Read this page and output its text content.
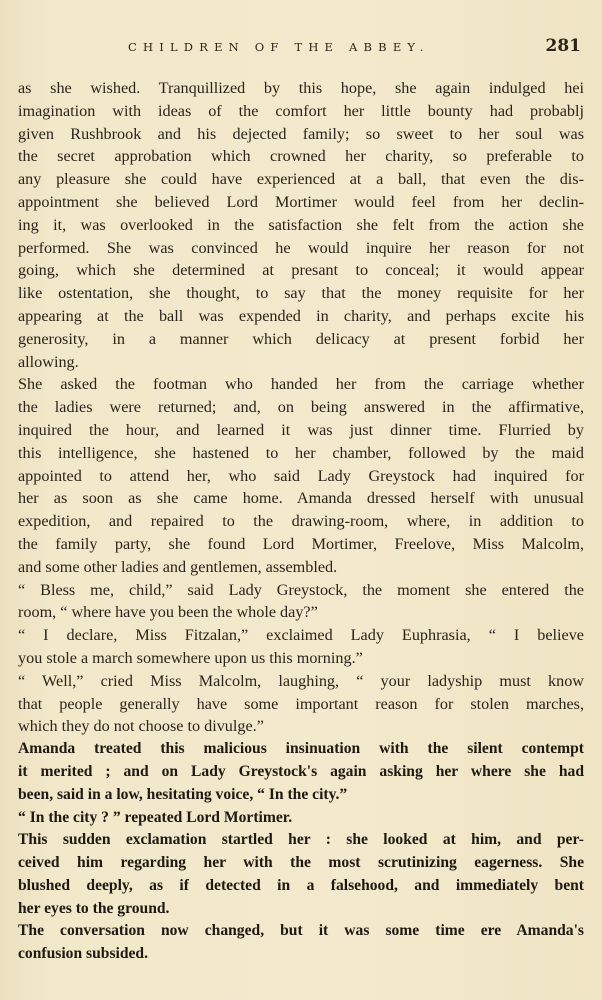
CHILDREN OF THE ABBEY.	281
as she wished. Tranquillized by this hope, she again indulged hei
imagination with ideas of the comfort her little bounty had probablj
given Rushbrook and his dejected family; so sweet to her soul was
the secret approbation which crowned her charity, so preferable to
any pleasure she could have experienced at a ball, that even the dis-
appointment she believed Lord Mortimer would feel from her declin-
ing it, was overlooked in the satisfaction she felt from the action she
performed. She was convinced he would inquire her reason for not
going, which she determined at presant to conceal; it would appear
like ostentation, she thought, to say that the money requisite for her
appearing at the ball was expended in charity, and perhaps excite his
generosity, in a manner which delicacy at present forbid her
allowing.
She asked the footman who handed her from the carriage whether
the ladies were returned; and, on being answered in the affirmative,
inquired the hour, and learned it was just dinner time. Flurried by
this intelligence, she hastened to her chamber, followed by the maid
appointed to attend her, who said Lady Greystock had inquired for
her as soon as she came home. Amanda dressed herself with unusual
expedition, and repaired to the drawing-room, where, in addition to
the family party, she found Lord Mortimer, Freelove, Miss Malcolm,
and some other ladies and gentlemen, assembled.
“ Bless me, child,” said Lady Greystock, the moment she entered the
room, “ where have you been the whole day?”
“ I declare, Miss Fitzalan,” exclaimed Lady Euphrasia, “ I believe
you stole a march somewhere upon us this morning.”
“ Well,” cried Miss Malcolm, laughing, “ your ladyship must know
that people generally have some important reason for stolen marches,
which they do not choose to divulge.”
Amanda treated this malicious insinuation with the silent contempt
it merited ; and on Lady Greystock's again asking her where she had
been, said in a low, hesitating voice, “ In the city.”
“ In the city ? ” repeated Lord Mortimer.
This sudden exclamation startled her : she looked at him, and per-
ceived him regarding her with the most scrutinizing eagerness. She
blushed deeply, as if detected in a falsehood, and immediately bent
her eyes to the ground.
The conversation now changed, but it was some time ere Amanda's
confusion subsided.
